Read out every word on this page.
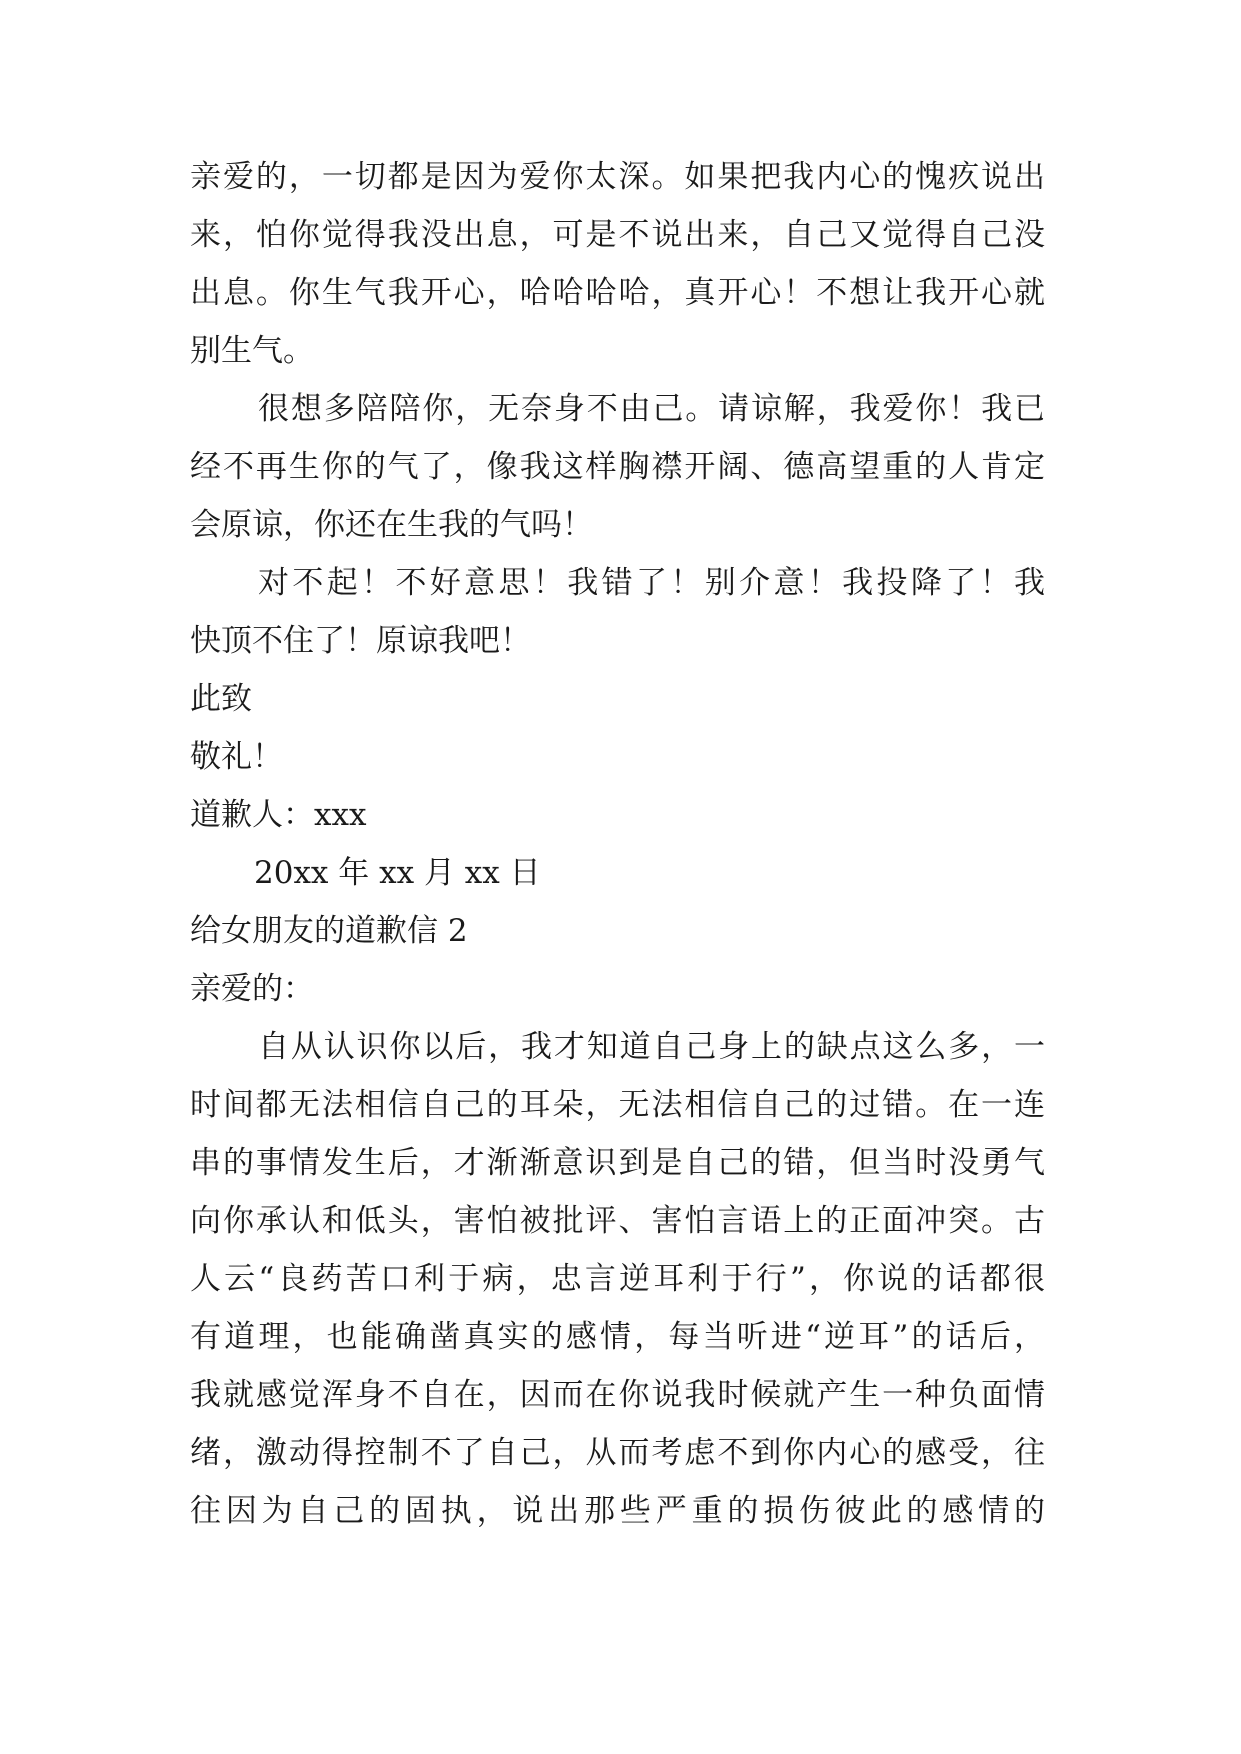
亲爱的，一切都是因为爱你太深。如果把我内心的愧疚说出
来，怕你觉得我没出息，可是不说出来，自己又觉得自己没
出息。你生气我开心，哈哈哈哈，真开心！不想让我开心就
别生气。
很想多陪陪你，无奈身不由己。请谅解，我爱你！我已
经不再生你的气了，像我这样胸襟开阔、德高望重的人肯定
会原谅，你还在生我的气吗！
对不起！不好意思！我错了！别介意！我投降了！我
快顶不住了！原谅我吧！
此致
敬礼！
道歉人：xxx
20xx 年 xx 月 xx 日
给女朋友的道歉信 2
亲爱的：
自从认识你以后，我才知道自己身上的缺点这么多，一
时间都无法相信自己的耳朵，无法相信自己的过错。在一连
串的事情发生后，才渐渐意识到是自己的错，但当时没勇气
向你承认和低头，害怕被批评、害怕言语上的正面冲突。古
人云“良药苦口利于病，忠言逆耳利于行”，你说的话都很
有道理，也能确凿真实的感情，每当听进“逆耳”的话后，
我就感觉浑身不自在，因而在你说我时候就产生一种负面情
绪，激动得控制不了自己，从而考虑不到你内心的感受，往
往因为自己的固执，说出那些严重的损伤彼此的感情的
